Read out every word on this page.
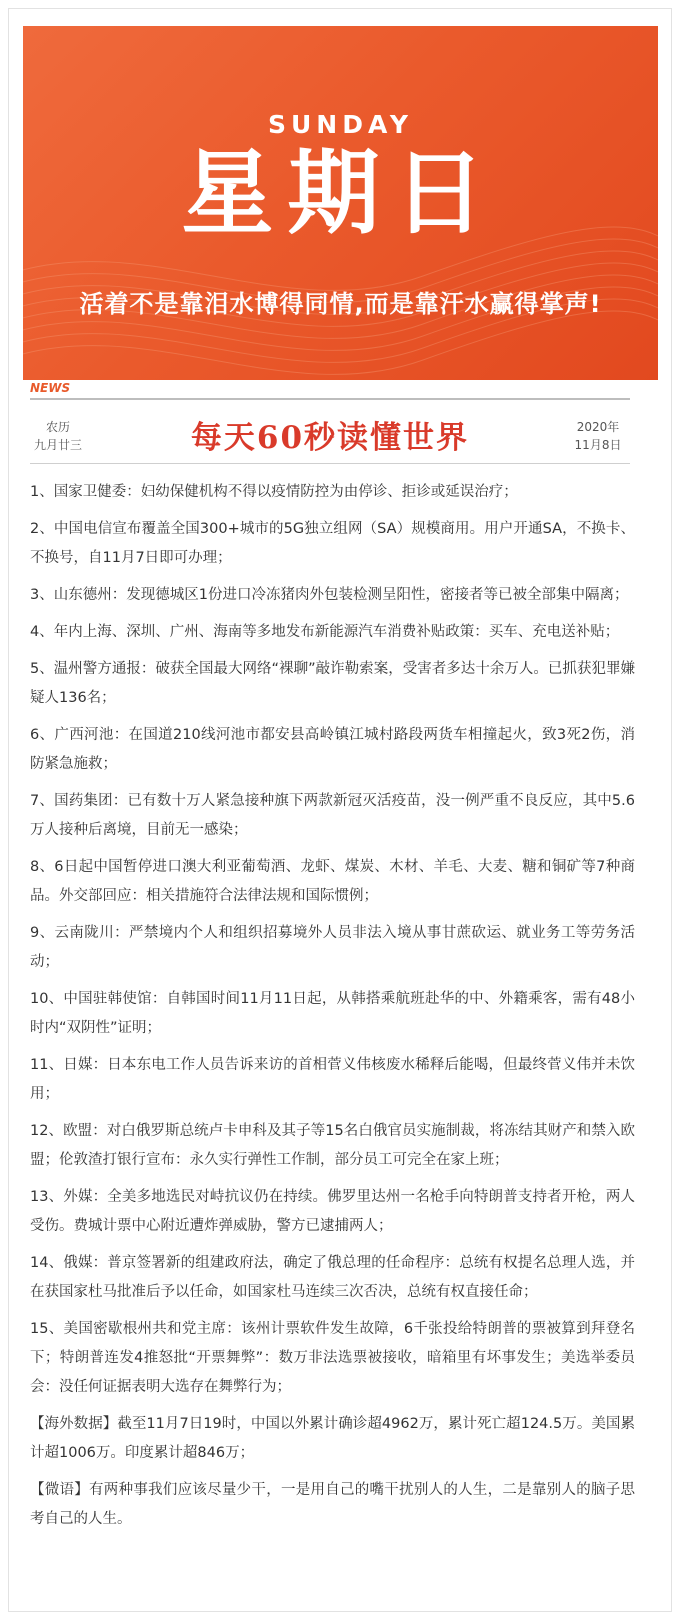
SUNDAY
星期日
活着不是靠泪水博得同情,而是靠汗水赢得掌声!
NEWS
农历
九月廿三	每天60秒读懂世界	2020年
11月8日

1、国家卫健委：妇幼保健机构不得以疫情防控为由停诊、拒诊或延误治疗；

2、中国电信宣布覆盖全国300+城市的5G独立组网（SA）规模商用。用户开通SA，不换卡、不换号，自11月7日即可办理；

3、山东德州：发现德城区1份进口冷冻猪肉外包装检测呈阳性，密接者等已被全部集中隔离；

4、年内上海、深圳、广州、海南等多地发布新能源汽车消费补贴政策：买车、充电送补贴；

5、温州警方通报：破获全国最大网络“裸聊”敲诈勒索案，受害者多达十余万人。已抓获犯罪嫌疑人136名；

6、广西河池：在国道210线河池市都安县高岭镇江城村路段两货车相撞起火，致3死2伤，消防紧急施救；

7、国药集团：已有数十万人紧急接种旗下两款新冠灭活疫苗，没一例严重不良反应，其中5.6万人接种后离境，目前无一感染；

8、6日起中国暂停进口澳大利亚葡萄酒、龙虾、煤炭、木材、羊毛、大麦、糖和铜矿等7种商品。外交部回应：相关措施符合法律法规和国际惯例；

9、云南陇川：严禁境内个人和组织招募境外人员非法入境从事甘蔗砍运、就业务工等劳务活动；

10、中国驻韩使馆：自韩国时间11月11日起，从韩搭乘航班赴华的中、外籍乘客，需有48小时内“双阴性”证明；

11、日媒：日本东电工作人员告诉来访的首相菅义伟核废水稀释后能喝，但最终菅义伟并未饮用；

12、欧盟：对白俄罗斯总统卢卡申科及其子等15名白俄官员实施制裁，将冻结其财产和禁入欧盟；伦敦渣打银行宣布：永久实行弹性工作制，部分员工可完全在家上班；

13、外媒：全美多地选民对峙抗议仍在持续。佛罗里达州一名枪手向特朗普支持者开枪，两人受伤。费城计票中心附近遭炸弹威胁，警方已逮捕两人；

14、俄媒：普京签署新的组建政府法，确定了俄总理的任命程序：总统有权提名总理人选，并在获国家杜马批准后予以任命，如国家杜马连续三次否决，总统有权直接任命；

15、美国密歇根州共和党主席：该州计票软件发生故障，6千张投给特朗普的票被算到拜登名下；特朗普连发4推怒批“开票舞弊”：数万非法选票被接收，暗箱里有坏事发生；美选举委员会：没任何证据表明大选存在舞弊行为；

【海外数据】截至11月7日19时，中国以外累计确诊超4962万，累计死亡超124.5万。美国累计超1006万。印度累计超846万；

【微语】有两种事我们应该尽量少干，一是用自己的嘴干扰别人的人生，二是靠别人的脑子思考自己的人生。
